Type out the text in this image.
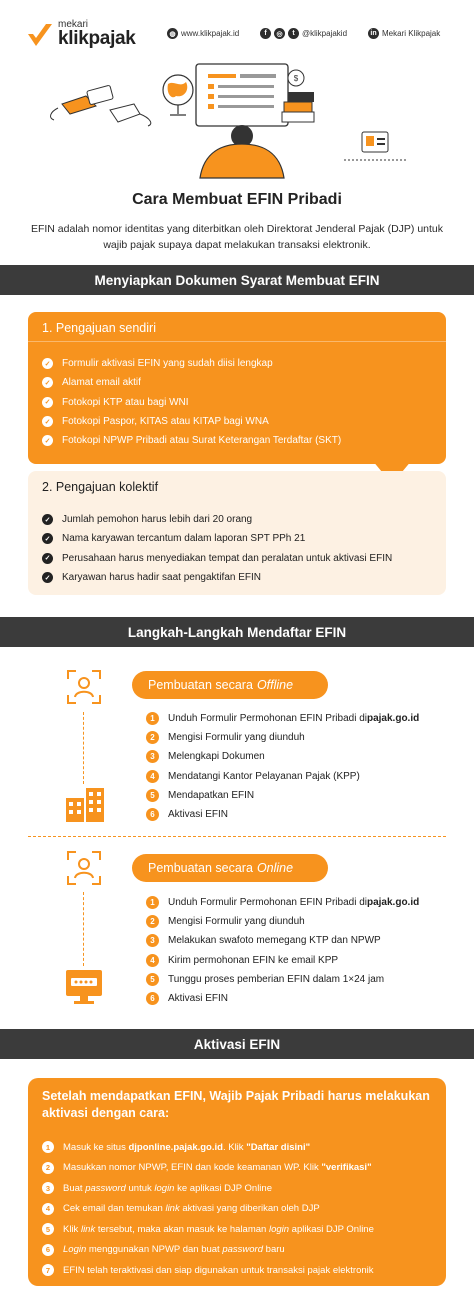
mekari
klikpajak	◍ www.klikpajak.id	f	◎	t @klikpajakid	in Mekari Klikpajak
$
Cara Membuat EFIN Pribadi
EFIN adalah nomor identitas yang diterbitkan oleh Direktorat Jenderal Pajak (DJP) untuk wajib pajak supaya dapat melakukan transaksi elektronik.
Menyiapkan Dokumen Syarat Membuat EFIN
1. Pengajuan sendiri
✓ Formulir aktivasi EFIN yang sudah diisi lengkap
✓ Alamat email aktif
✓ Fotokopi KTP atau bagi WNI
✓ Fotokopi Paspor, KITAS atau KITAP bagi WNA
✓ Fotokopi NPWP Pribadi atau Surat Keterangan Terdaftar (SKT)
2. Pengajuan kolektif
✓ Jumlah pemohon harus lebih dari 20 orang
✓ Nama karyawan tercantum dalam laporan SPT PPh 21
✓ Perusahaan harus menyediakan tempat dan peralatan untuk aktivasi EFIN
✓ Karyawan harus hadir saat pengaktifan EFIN
Langkah-Langkah Mendaftar EFIN
Pembuatan secara Offline
1	Unduh Formulir Permohonan EFIN Pribadi di pajak.go.id
2	Mengisi Formulir yang diunduh
3	Melengkapi Dokumen
4	Mendatangi Kantor Pelayanan Pajak (KPP)
5	Mendapatkan EFIN
6	Aktivasi EFIN
Pembuatan secara Online
1	Unduh Formulir Permohonan EFIN Pribadi di pajak.go.id
2	Mengisi Formulir yang diunduh
3	Melakukan swafoto memegang KTP dan NPWP
4	Kirim permohonan EFIN ke email KPP
5	Tunggu proses pemberian EFIN dalam 1×24 jam
6	Aktivasi EFIN
Aktivasi EFIN
Setelah mendapatkan EFIN, Wajib Pajak Pribadi harus melakukan aktivasi dengan cara:
1	Masuk ke situs djponline.pajak.go.id. Klik "Daftar disini"
2	Masukkan nomor NPWP, EFIN dan kode keamanan WP. Klik "verifikasi"
3	Buat password untuk login ke aplikasi DJP Online
4	Cek email dan temukan link aktivasi yang diberikan oleh DJP
5	Klik link tersebut, maka akan masuk ke halaman login aplikasi DJP Online
6	Login menggunakan NPWP dan buat password baru
7	EFIN telah teraktivasi dan siap digunakan untuk transaksi pajak elektronik
